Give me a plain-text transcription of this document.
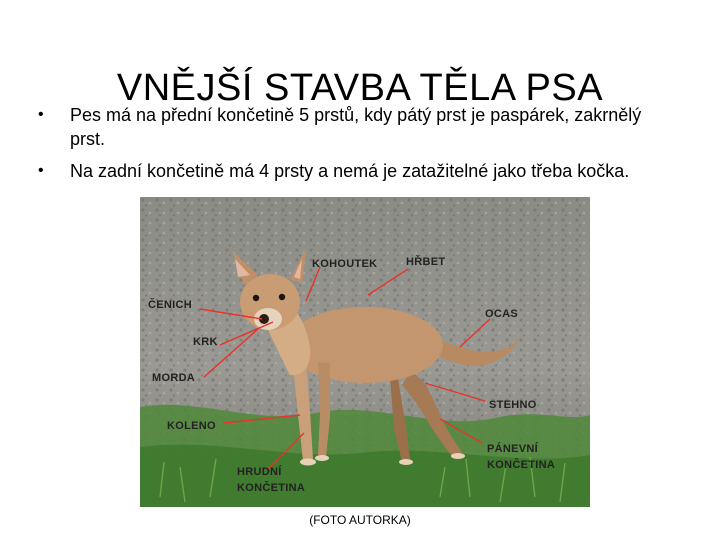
VNĚJŠÍ STAVBA TĚLA PSA
• Pes má na přední končetině 5 prstů, kdy pátý prst je paspárek, zakrnělý prst.
• Na zadní končetině má 4 prsty a nemá je zatažitelné jako třeba kočka.
KOHOUTEK	HŘBET
ČENICH
OCAS
KRK
MORDA
STEHNO
KOLENO
PÁNEVNÍ
KONČETINA
HRUDNÍ
KONČETINA
(FOTO AUTORKA)
